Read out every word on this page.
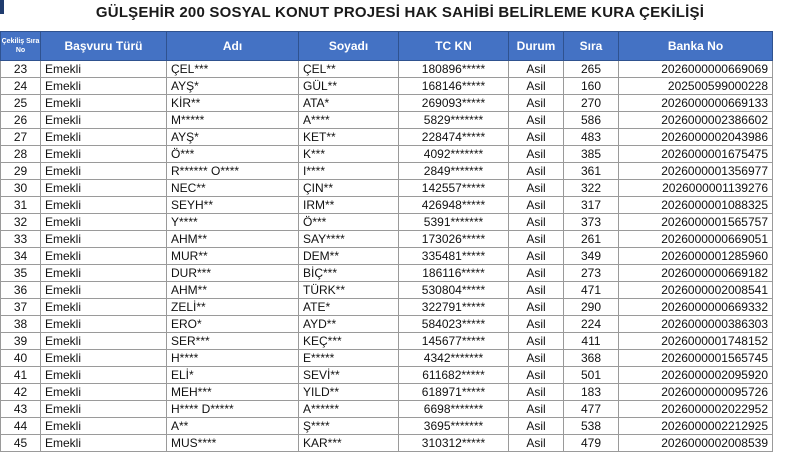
GÜLŞEHİR 200 SOSYAL KONUT PROJESİ HAK SAHİBİ BELİRLEME KURA ÇEKİLİŞİ
Çekiliş Sıra No	Başvuru Türü	Adı	Soyadı	TC KN	Durum	Sıra	Banka No
23	Emekli	ÇEL***	ÇEL**	180896*****	Asil	265	2026000000669069
24	Emekli	AYŞ*	GÜL**	168146*****	Asil	160	202500599000228
25	Emekli	KİR**	ATA*	269093*****	Asil	270	2026000000669133
26	Emekli	M*****	A****	5829*******	Asil	586	2026000002386602
27	Emekli	AYŞ*	KET**	228474*****	Asil	483	2026000002043986
28	Emekli	Ö***	K***	4092*******	Asil	385	2026000001675475
29	Emekli	R****** O****	I****	2849*******	Asil	361	2026000001356977
30	Emekli	NEC**	ÇIN**	142557*****	Asil	322	2026000001139276
31	Emekli	SEYH**	IRM**	426948*****	Asil	317	2026000001088325
32	Emekli	Y****	Ö***	5391*******	Asil	373	2026000001565757
33	Emekli	AHM**	SAY****	173026*****	Asil	261	2026000000669051
34	Emekli	MUR**	DEM**	335481*****	Asil	349	2026000001285960
35	Emekli	DUR***	BİÇ***	186116*****	Asil	273	2026000000669182
36	Emekli	AHM**	TÜRK**	530804*****	Asil	471	2026000002008541
37	Emekli	ZELİ**	ATE*	322791*****	Asil	290	2026000000669332
38	Emekli	ERO*	AYD**	584023*****	Asil	224	2026000000386303
39	Emekli	SER***	KEÇ***	145677*****	Asil	411	2026000001748152
40	Emekli	H****	E*****	4342*******	Asil	368	2026000001565745
41	Emekli	ELİ*	SEVİ**	611682*****	Asil	501	2026000002095920
42	Emekli	MEH***	YILD**	618971*****	Asil	183	2026000000095726
43	Emekli	H**** D*****	A******	6698*******	Asil	477	2026000002022952
44	Emekli	A**	Ş****	3695*******	Asil	538	2026000002212925
45	Emekli	MUS****	KAR***	310312*****	Asil	479	2026000002008539
